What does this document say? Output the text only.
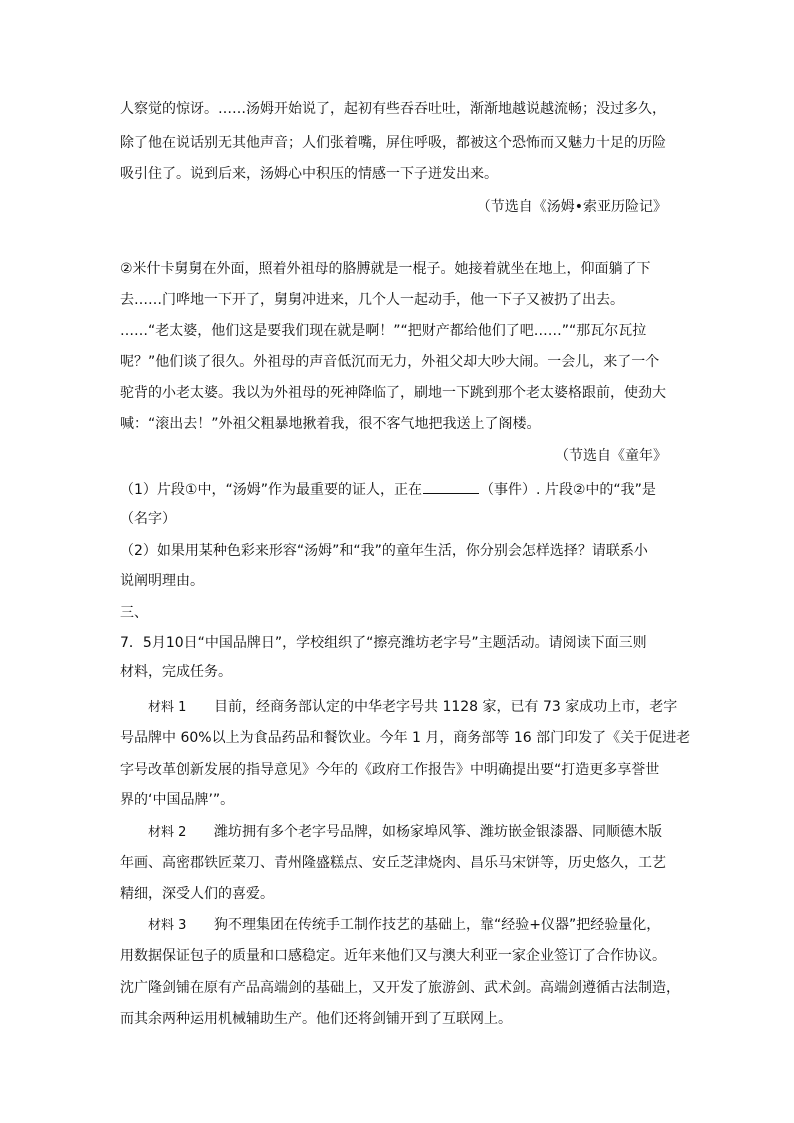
人察觉的惊讶。……汤姆开始说了，起初有些吞吞吐吐，渐渐地越说越流畅；没过多久，
除了他在说话别无其他声音；人们张着嘴，屏住呼吸，都被这个恐怖而又魅力十足的历险
吸引住了。说到后来，汤姆心中积压的情感一下子迸发出来。
（节选自《汤姆•索亚历险记》
②米什卡舅舅在外面，照着外祖母的胳膊就是一棍子。她接着就坐在地上，仰面躺了下
去……门哗地一下开了，舅舅冲进来，几个人一起动手，他一下子又被扔了出去。
……“老太婆，他们这是要我们现在就是啊！”“把财产都给他们了吧……”“那瓦尔瓦拉
呢？”他们谈了很久。外祖母的声音低沉而无力，外祖父却大吵大闹。一会儿，来了一个
驼背的小老太婆。我以为外祖母的死神降临了，刷地一下跳到那个老太婆格跟前，使劲大
喊：“滚出去！”外祖父粗暴地揪着我，很不客气地把我送上了阁楼。
（节选自《童年》
（1）片段①中，“汤姆”作为最重要的证人，正在	（事件）. 片段②中的“我”是
（名字）
（2）如果用某种色彩来形容“汤姆”和“我”的童年生活，你分别会怎样选择？请联系小
说阐明理由。
三、
7．5月10日“中国品牌日”，学校组织了“擦亮潍坊老字号”主题活动。请阅读下面三则
材料，完成任务。
材料 1 目前，经商务部认定的中华老字号共 1128 家，已有 73 家成功上市，老字
号品牌中 60%以上为食品药品和餐饮业。今年 1 月，商务部等 16 部门印发了《关于促进老
字号改革创新发展的指导意见》今年的《政府工作报告》中明确提出要“打造更多享誉世
界的‘中国品牌’”。
材料 2 潍坊拥有多个老字号品牌，如杨家埠风筝、潍坊嵌金银漆器、同顺德木版
年画、高密郡铁匠菜刀、青州隆盛糕点、安丘芝津烧肉、昌乐马宋饼等，历史悠久，工艺
精细，深受人们的喜爱。
材料 3 狗不理集团在传统手工制作技艺的基础上，靠“经验+仪器”把经验量化，
用数据保证包子的质量和口感稳定。近年来他们又与澳大利亚一家企业签订了合作协议。
沈广隆剑铺在原有产品高端剑的基础上，又开发了旅游剑、武术剑。高端剑遵循古法制造，
而其余两种运用机械辅助生产。他们还将剑铺开到了互联网上。
